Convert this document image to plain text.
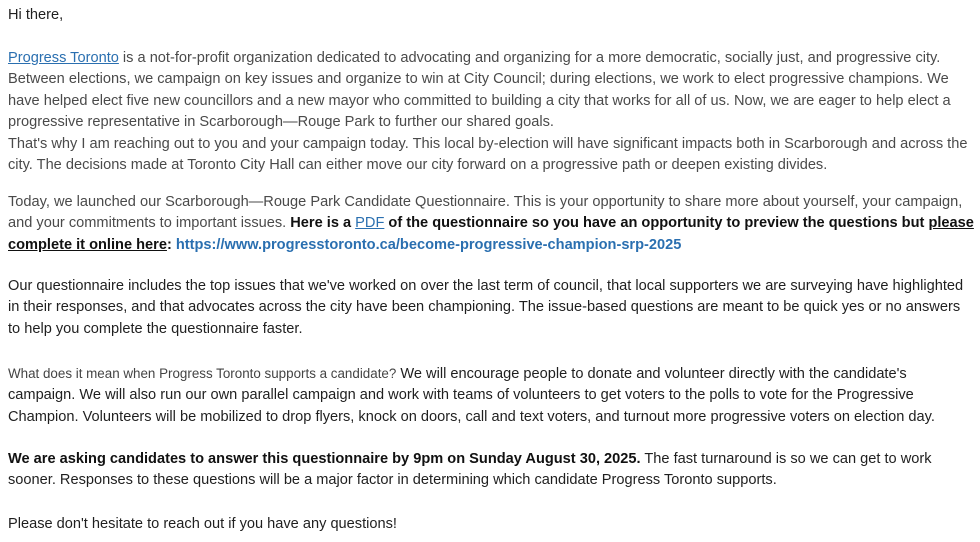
Hi there,

Progress Toronto is a not-for-profit organization dedicated to advocating and organizing for a more democratic, socially just, and progressive city.
Between elections, we campaign on key issues and organize to win at City Council; during elections, we work to elect progressive champions. We have helped elect five new councillors and a new mayor who committed to building a city that works for all of us. Now, we are eager to help elect a progressive representative in Scarborough—Rouge Park to further our shared goals.
That's why I am reaching out to you and your campaign today. This local by-election will have significant impacts both in Scarborough and across the city. The decisions made at Toronto City Hall can either move our city forward on a progressive path or deepen existing divides.

Today, we launched our Scarborough—Rouge Park Candidate Questionnaire. This is your opportunity to share more about yourself, your campaign, and your commitments to important issues. Here is a PDF of the questionnaire so you have an opportunity to preview the questions but please complete it online here: https://www.progresstoronto.ca/become-progressive-champion-srp-2025

Our questionnaire includes the top issues that we've worked on over the last term of council, that local supporters we are surveying have highlighted in their responses, and that advocates across the city have been championing. The issue-based questions are meant to be quick yes or no answers to help you complete the questionnaire faster.

What does it mean when Progress Toronto supports a candidate? We will encourage people to donate and volunteer directly with the candidate's campaign. We will also run our own parallel campaign and work with teams of volunteers to get voters to the polls to vote for the Progressive Champion. Volunteers will be mobilized to drop flyers, knock on doors, call and text voters, and turnout more progressive voters on election day.

We are asking candidates to answer this questionnaire by 9pm on Sunday August 30, 2025. The fast turnaround is so we can get to work sooner. Responses to these questions will be a major factor in determining which candidate Progress Toronto supports.

Please don't hesitate to reach out if you have any questions!
